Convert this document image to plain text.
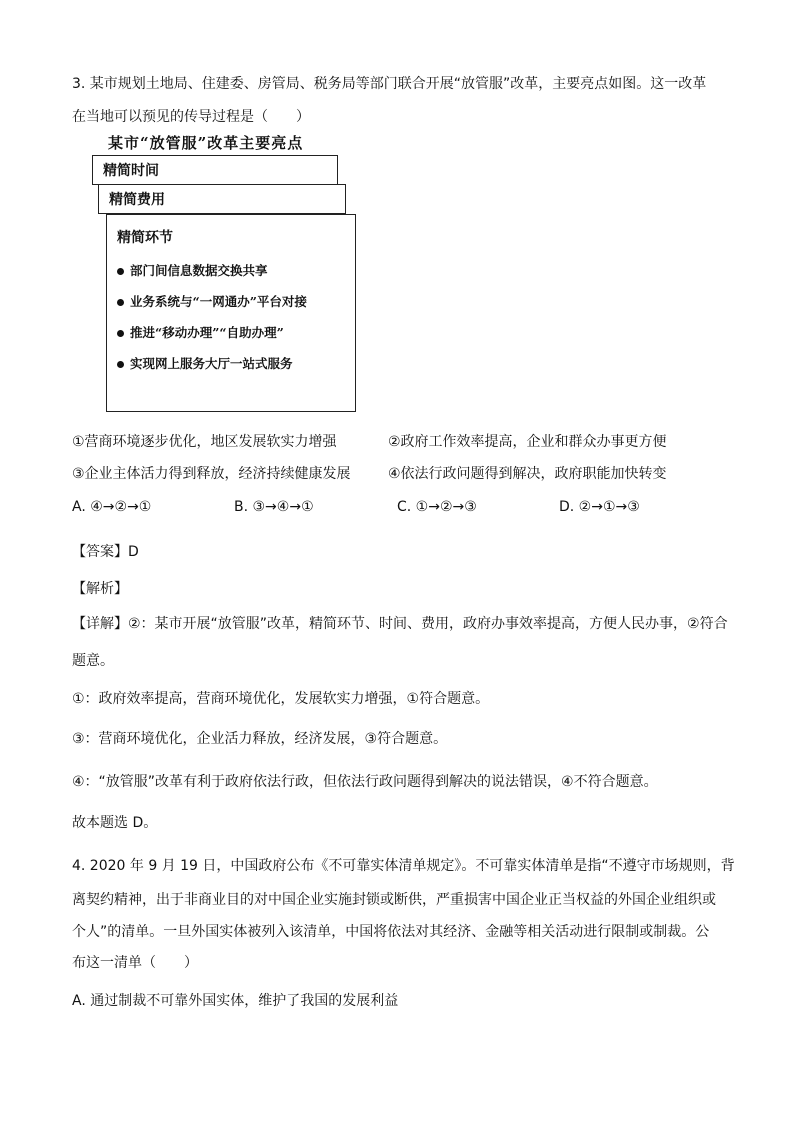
3. 某市规划土地局、住建委、房管局、税务局等部门联合开展“放管服”改革，主要亮点如图。这一改革
在当地可以预见的传导过程是（　　）
某市“放管服”改革主要亮点
精简时间
精简费用
精简环节
部门间信息数据交换共享
业务系统与“一网通办”平台对接
推进“移动办理”“自助办理”
实现网上服务大厅一站式服务
①营商环境逐步优化，地区发展软实力增强	②政府工作效率提高，企业和群众办事更方便
③企业主体活力得到释放，经济持续健康发展	④依法行政问题得到解决，政府职能加快转变
A. ④→②→①	B. ③→④→①	C. ①→②→③	D. ②→①→③
【答案】D
【解析】
【详解】②：某市开展“放管服”改革，精简环节、时间、费用，政府办事效率提高，方便人民办事，②符合
题意。
①：政府效率提高，营商环境优化，发展软实力增强，①符合题意。
③：营商环境优化，企业活力释放，经济发展，③符合题意。
④：“放管服”改革有利于政府依法行政，但依法行政问题得到解决的说法错误，④不符合题意。
故本题选 D。
4. 2020 年 9 月 19 日，中国政府公布《不可靠实体清单规定》。不可靠实体清单是指“不遵守市场规则，背
离契约精神，出于非商业目的对中国企业实施封锁或断供，严重损害中国企业正当权益的外国企业组织或
个人”的清单。一旦外国实体被列入该清单，中国将依法对其经济、金融等相关活动进行限制或制裁。公
布这一清单（　　）
A. 通过制裁不可靠外国实体，维护了我国的发展利益
